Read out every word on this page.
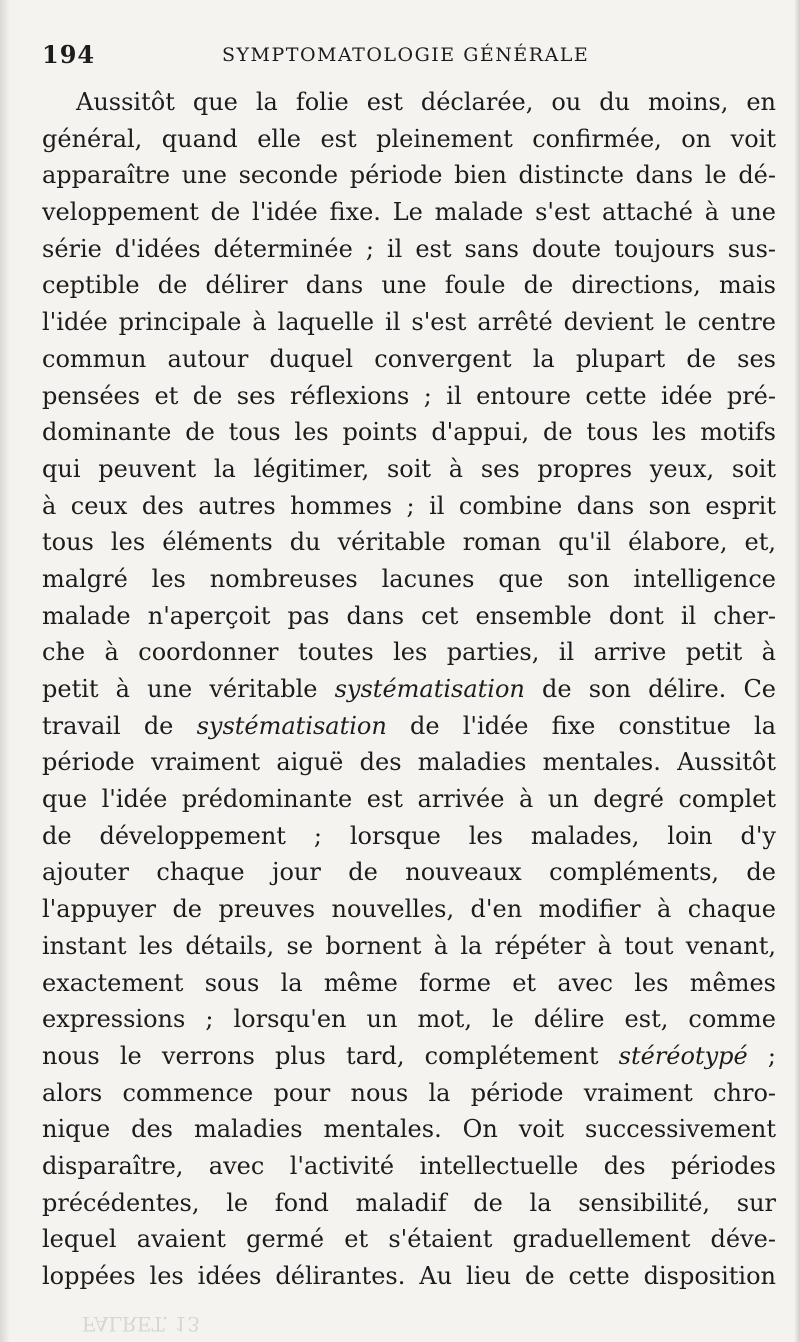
194	SYMPTOMATOLOGIE GÉNÉRALE
Aussitôt que la folie est déclarée, ou du moins, en
général, quand elle est pleinement confirmée, on voit
apparaître une seconde période bien distincte dans le dé-
veloppement de l'idée fixe. Le malade s'est attaché à une
série d'idées déterminée ; il est sans doute toujours sus-
ceptible de délirer dans une foule de directions, mais
l'idée principale à laquelle il s'est arrêté devient le centre
commun autour duquel convergent la plupart de ses
pensées et de ses réflexions ; il entoure cette idée pré-
dominante de tous les points d'appui, de tous les motifs
qui peuvent la légitimer, soit à ses propres yeux, soit
à ceux des autres hommes ; il combine dans son esprit
tous les éléments du véritable roman qu'il élabore, et,
malgré les nombreuses lacunes que son intelligence
malade n'aperçoit pas dans cet ensemble dont il cher-
che à coordonner toutes les parties, il arrive petit à
petit à une véritable systématisation de son délire. Ce
travail de systématisation de l'idée fixe constitue la
période vraiment aiguë des maladies mentales. Aussitôt
que l'idée prédominante est arrivée à un degré complet
de développement ; lorsque les malades, loin d'y
ajouter chaque jour de nouveaux compléments, de
l'appuyer de preuves nouvelles, d'en modifier à chaque
instant les détails, se bornent à la répéter à tout venant,
exactement sous la même forme et avec les mêmes
expressions ; lorsqu'en un mot, le délire est, comme
nous le verrons plus tard, complétement stéréotypé ;
alors commence pour nous la période vraiment chro-
nique des maladies mentales. On voit successivement
disparaître, avec l'activité intellectuelle des périodes
précédentes, le fond maladif de la sensibilité, sur
lequel avaient germé et s'étaient graduellement déve-
loppées les idées délirantes. Au lieu de cette disposition
FALRET. 13
